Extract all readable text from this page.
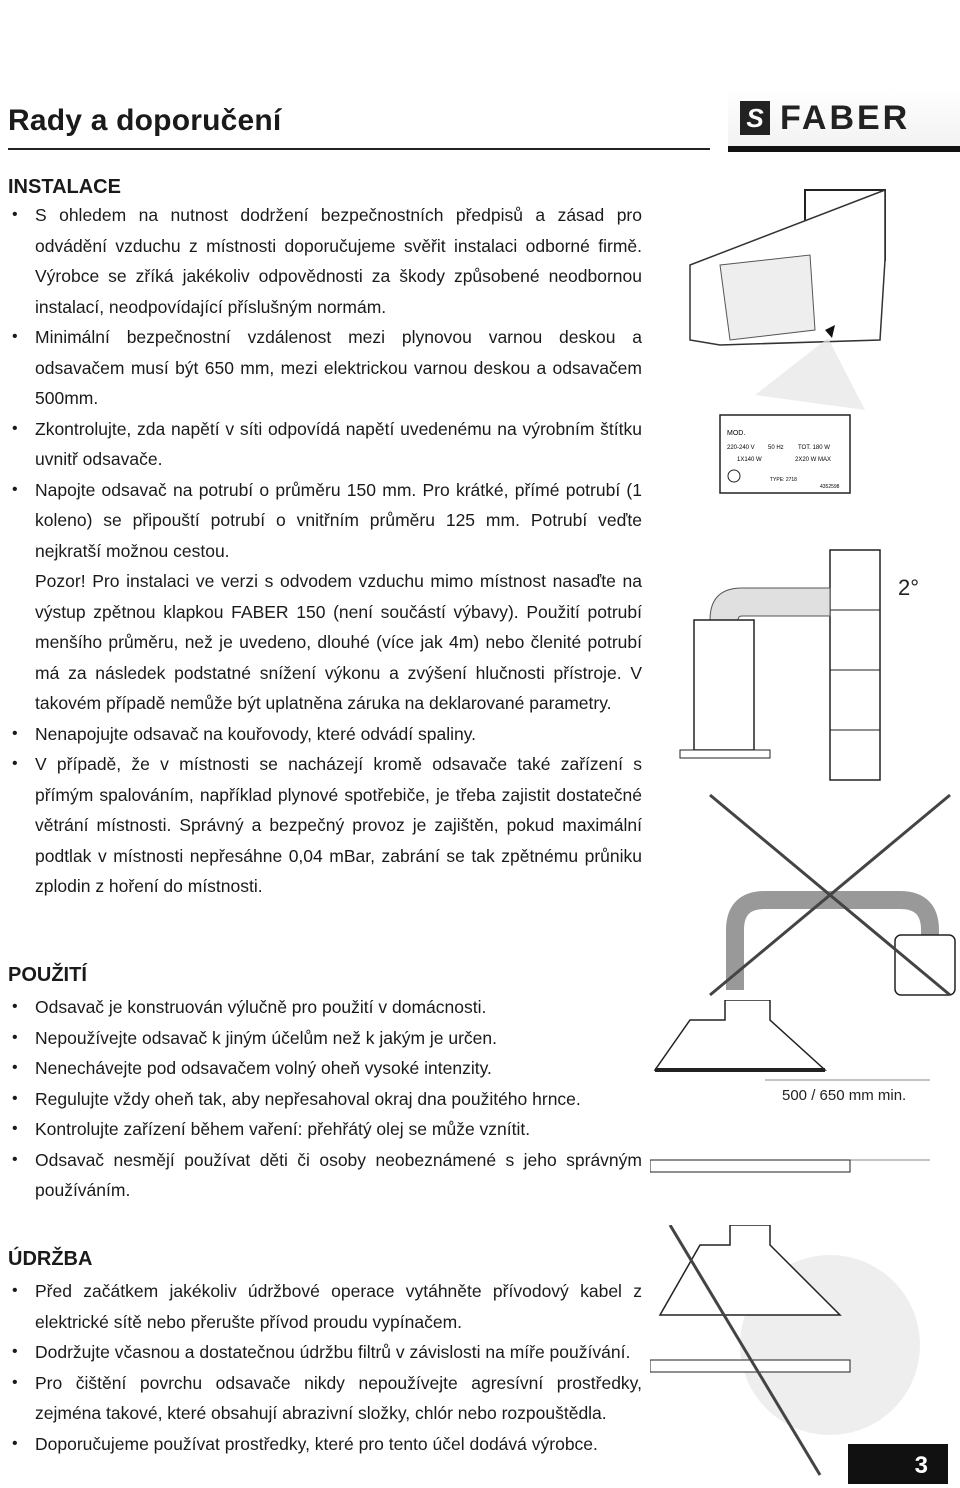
Rady a doporučení	S FABER
INSTALACE
• S ohledem na nutnost dodržení bezpečnostních předpisů a zásad pro odvádění vzduchu z místnosti doporučujeme svěřit instalaci odborné firmě. Výrobce se zříká jakékoliv odpovědnosti za škody způsobené neodbornou instalací, neodpovídající příslušným normám.
• Minimální bezpečnostní vzdálenost mezi plynovou varnou deskou a odsavačem musí být 650 mm, mezi elektrickou varnou deskou a odsavačem 500mm.
• Zkontrolujte, zda napětí v síti odpovídá napětí uvedenému na výrobním štítku uvnitř odsavače.
• Napojte odsavač na potrubí o průměru 150 mm. Pro krátké, přímé potrubí (1 koleno) se připouští potrubí o vnitřním průměru 125 mm. Potrubí veďte nejkratší možnou cestou.
Pozor! Pro instalaci ve verzi s odvodem vzduchu mimo místnost nasaďte na výstup zpětnou klapkou FABER 150 (není součástí výbavy). Použití potrubí menšího průměru, než je uvedeno, dlouhé (více jak 4m) nebo členité potrubí má za následek podstatné snížení výkonu a zvýšení hlučnosti přístroje. V takovém případě nemůže být uplatněna záruka na deklarované parametry.
• Nenapojujte odsavač na kouřovody, které odvádí spaliny.
• V případě, že v místnosti se nacházejí kromě odsavače také zařízení s přímým spalováním, například plynové spotřebiče, je třeba zajistit dostatečné větrání místnosti. Správný a bezpečný provoz je zajištěn, pokud maximální podtlak v místnosti nepřesáhne 0,04 mBar, zabrání se tak zpětnému průniku zplodin z hoření do místnosti.
POUŽITÍ
• Odsavač je konstruován výlučně pro použití v domácnosti.
• Nepoužívejte odsavač k jiným účelům než k jakým je určen.
• Nenechávejte pod odsavačem volný oheň vysoké intenzity.
• Regulujte vždy oheň tak, aby nepřesahoval okraj dna použitého hrnce.
• Kontrolujte zařízení během vaření: přehřátý olej se může vznítit.
• Odsavač nesmějí používat děti či osoby neobeznámené s jeho správným používáním.
ÚDRŽBA
• Před začátkem jakékoliv údržbové operace vytáhněte přívodový kabel z elektrické sítě nebo přerušte přívod proudu vypínačem.
• Dodržujte včasnou a dostatečnou údržbu filtrů v závislosti na míře používání.
• Pro čištění povrchu odsavače nikdy nepoužívejte agresívní prostředky, zejména takové, které obsahují abrazivní složky, chlór nebo rozpouštědla.
• Doporučujeme používat prostředky, které pro tento účel dodává výrobce.
MOD.
220-240 V 50 Hz TOT. 180 W
1X140 W	2X20 W MAX
TYPE: 2718
4352598
2°
500 / 650 mm min.
3
